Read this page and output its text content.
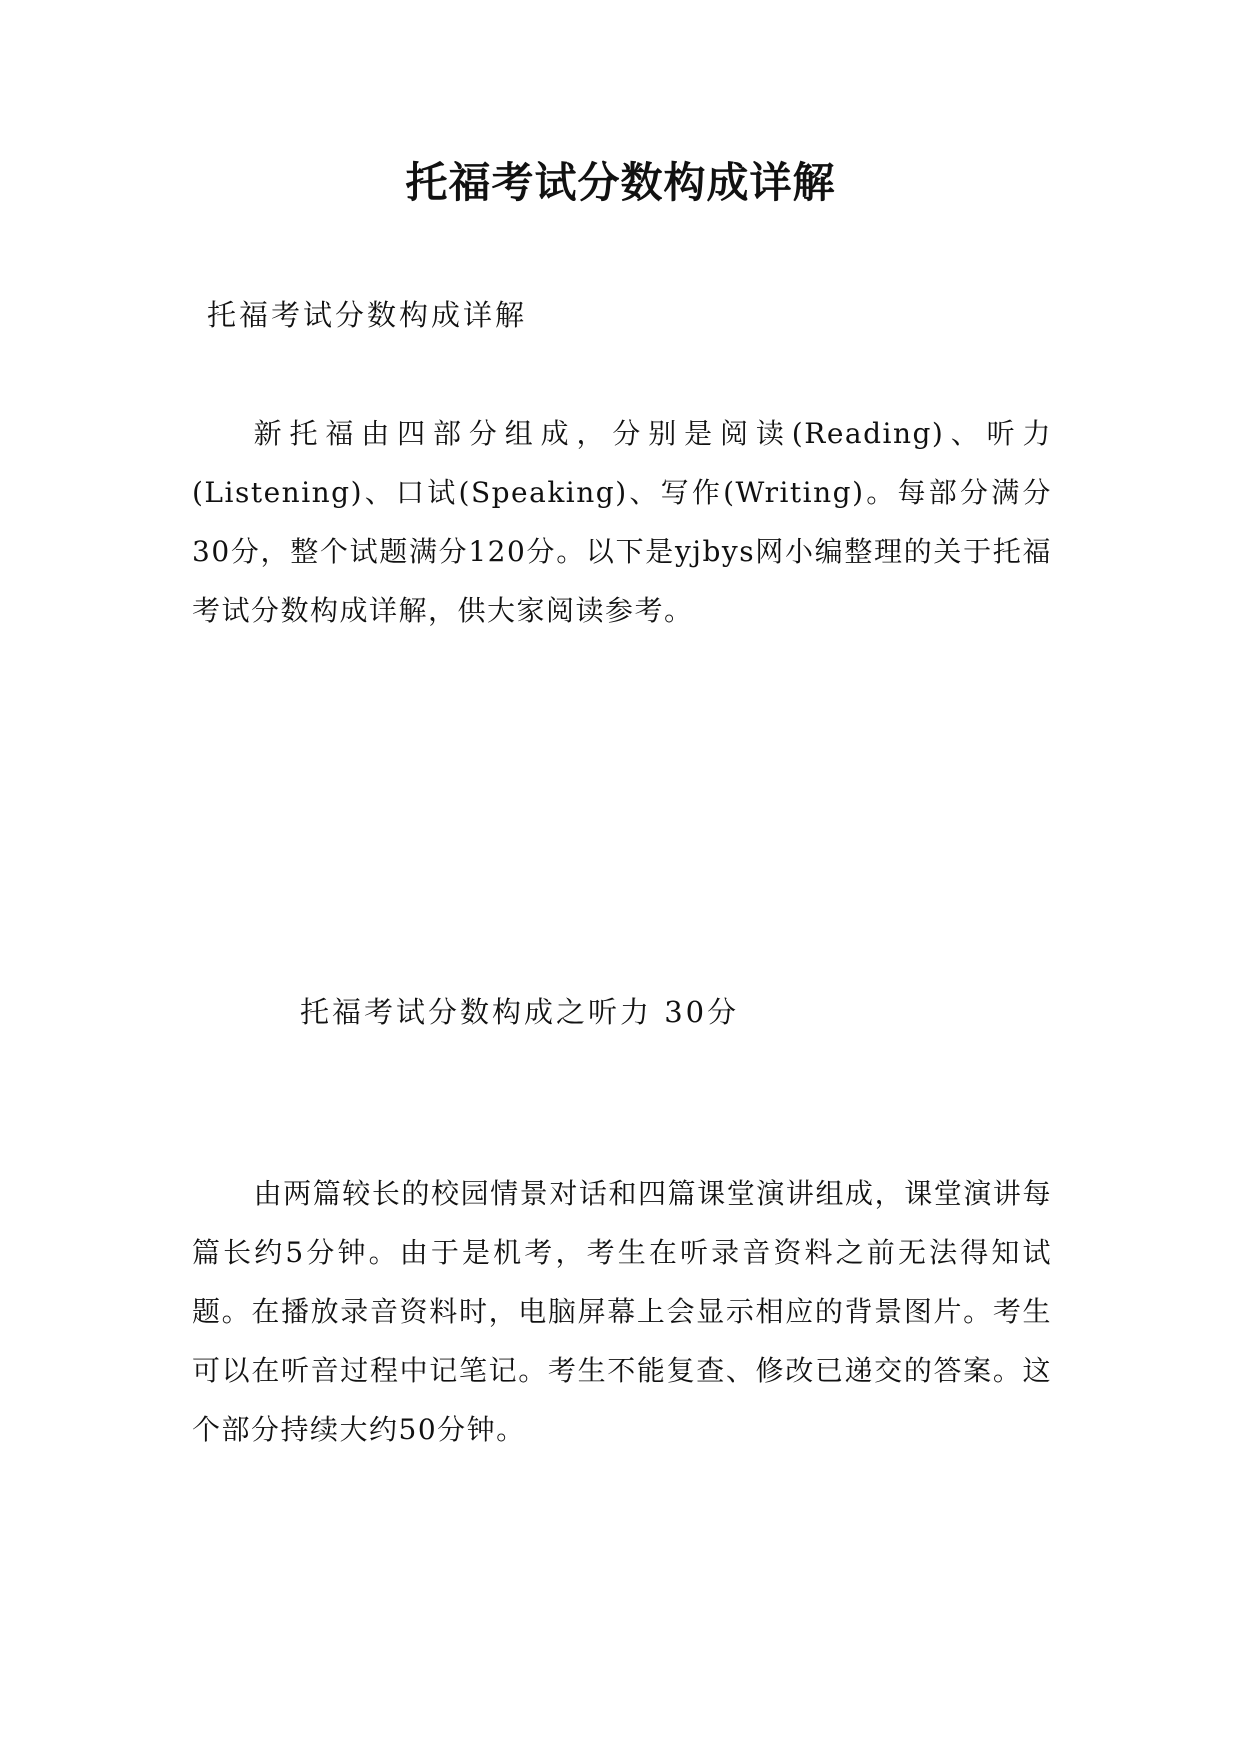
托福考试分数构成详解

托福考试分数构成详解

新托福由四部分组成，分别是阅读(Reading)、听力(Listening)、口试(Speaking)、写作(Writing)。每部分满分30分，整个试题满分120分。以下是yjbys网小编整理的关于托福考试分数构成详解，供大家阅读参考。

托福考试分数构成之听力 30分

由两篇较长的校园情景对话和四篇课堂演讲组成，课堂演讲每篇长约5分钟。由于是机考，考生在听录音资料之前无法得知试题。在播放录音资料时，电脑屏幕上会显示相应的背景图片。考生可以在听音过程中记笔记。考生不能复查、修改已递交的答案。这个部分持续大约50分钟。
